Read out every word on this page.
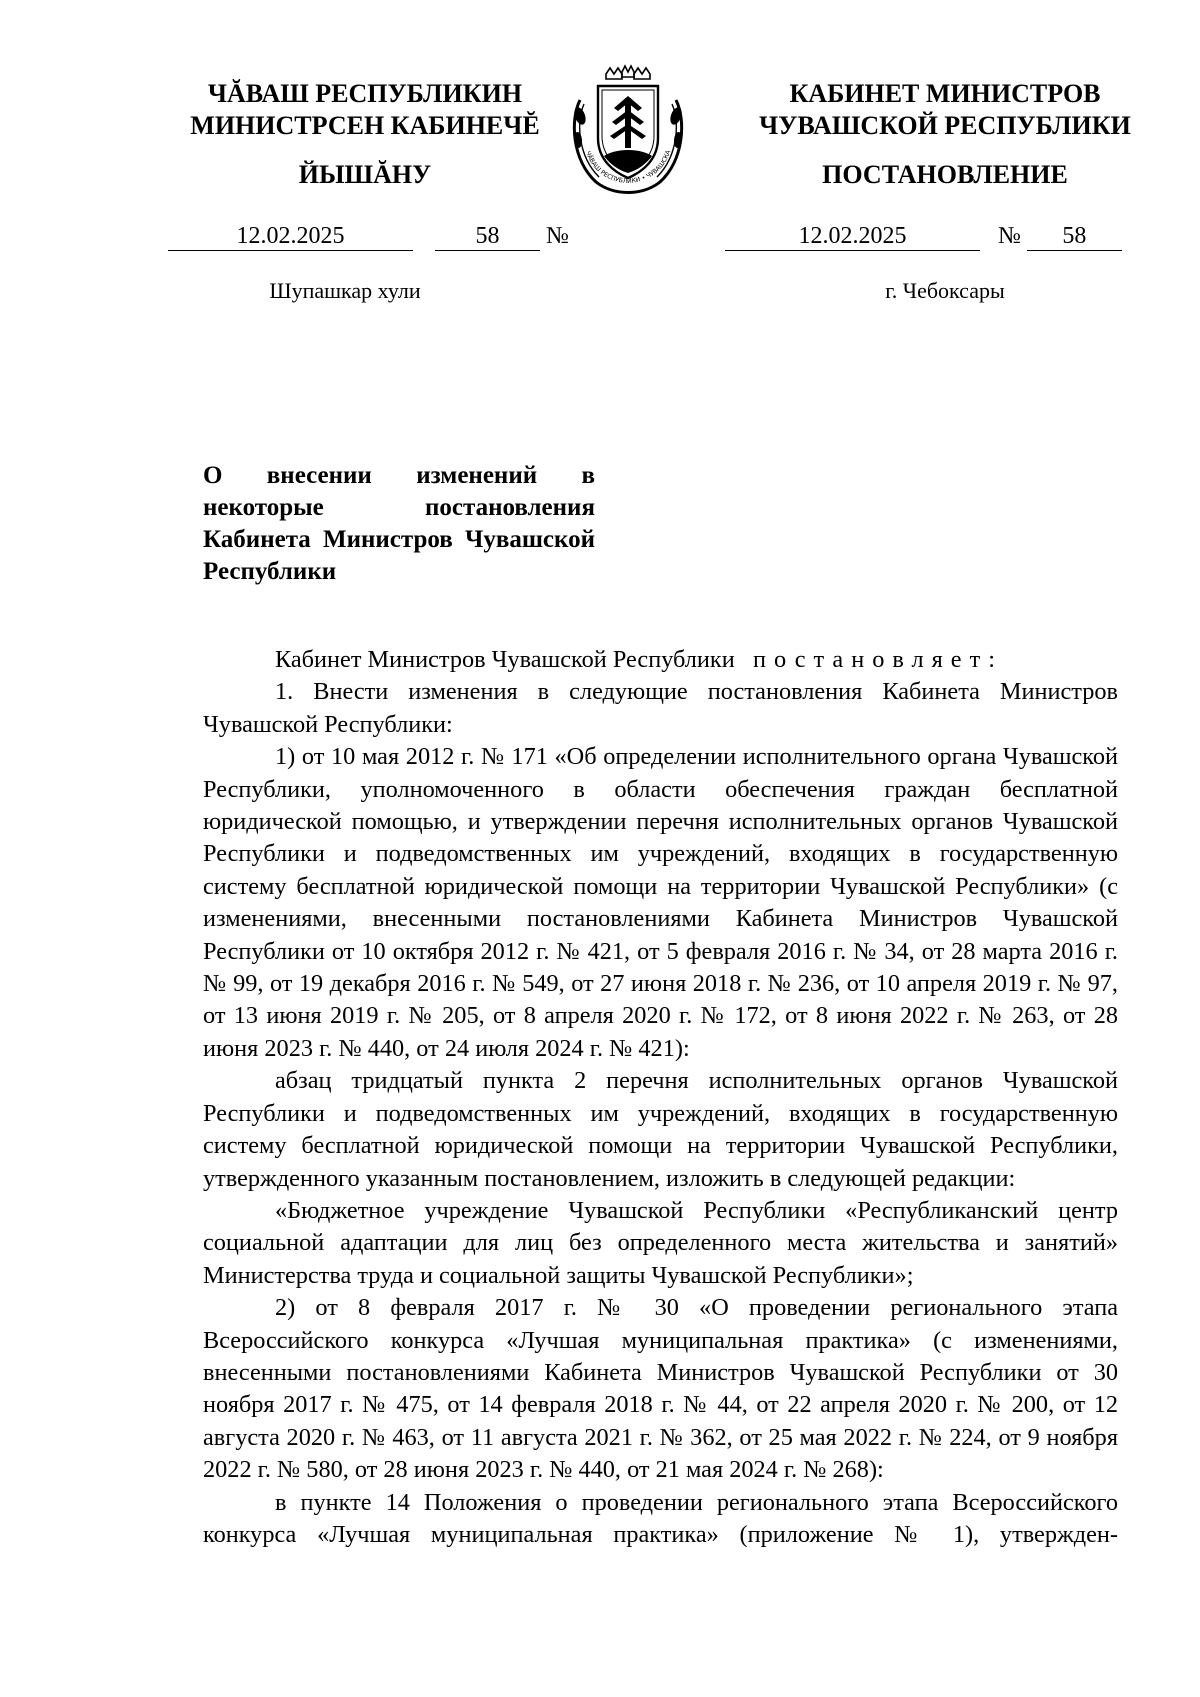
ЧĂВАШ РЕСПУБЛИКИН

МИНИСТРСЕН КАБИНЕЧĔ

ЙЫШĂНУ

12.02.2025	58 №
Шупашкар хули
ЧĂВАШ РЕСПУБЛИКИ • ЧУВАШСКА

КАБИНЕТ МИНИСТРОВ

ЧУВАШСКОЙ РЕСПУБЛИКИ

ПОСТАНОВЛЕНИЕ

12.02.2025	№ 58
г. Чебоксары
О внесении изменений в некоторые постановления Кабинета Министров Чувашской Республики

Кабинет Министров Чувашской Республики постановляет:

1. Внести изменения в следующие постановления Кабинета Министров Чувашской Республики:

1) от 10 мая 2012 г. № 171 «Об определении исполнительного органа Чувашской Республики, уполномоченного в области обеспечения граждан бесплатной юридической помощью, и утверждении перечня исполнительных органов Чувашской Республики и подведомственных им учреждений, входящих в государственную систему бесплатной юридической помощи на территории Чувашской Республики» (с изменениями, внесенными постановлениями Кабинета Министров Чувашской Республики от 10 октября 2012 г. № 421, от 5 февраля 2016 г. № 34, от 28 марта 2016 г. № 99, от 19 декабря 2016 г. № 549, от 27 июня 2018 г. № 236, от 10 апреля 2019 г. № 97, от 13 июня 2019 г. № 205, от 8 апреля 2020 г. № 172, от 8 июня 2022 г. № 263, от 28 июня 2023 г. № 440, от 24 июля 2024 г. № 421):

абзац тридцатый пункта 2 перечня исполнительных органов Чувашской Республики и подведомственных им учреждений, входящих в государственную систему бесплатной юридической помощи на территории Чувашской Республики, утвержденного указанным постановлением, изложить в следующей редакции:

«Бюджетное учреждение Чувашской Республики «Республиканский центр социальной адаптации для лиц без определенного места жительства и занятий» Министерства труда и социальной защиты Чувашской Республики»;

2) от 8 февраля 2017 г. № 30 «О проведении регионального этапа Всероссийского конкурса «Лучшая муниципальная практика» (с изменениями, внесенными постановлениями Кабинета Министров Чувашской Республики от 30 ноября 2017 г. № 475, от 14 февраля 2018 г. № 44, от 22 апреля 2020 г. № 200, от 12 августа 2020 г. № 463, от 11 августа 2021 г. № 362, от 25 мая 2022 г. № 224, от 9 ноября 2022 г. № 580, от 28 июня 2023 г. № 440, от 21 мая 2024 г. № 268):

в пункте 14 Положения о проведении регионального этапа Всероссийского конкурса «Лучшая муниципальная практика» (приложение № 1), утвержден-
